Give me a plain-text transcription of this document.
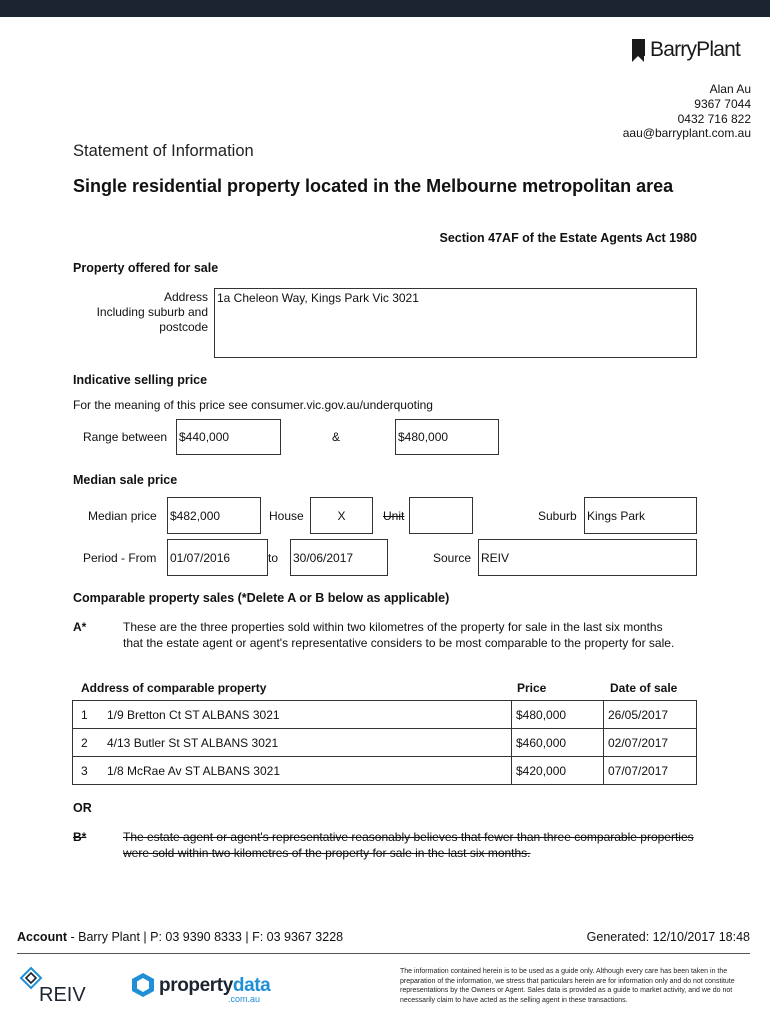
BarryPlant
Alan Au
9367 7044
0432 716 822
aau@barryplant.com.au
Statement of Information
Single residential property located in the Melbourne metropolitan area
Section 47AF of the Estate Agents Act 1980
Property offered for sale
Address
Including suburb and
postcode
1a Cheleon Way, Kings Park Vic 3021
Indicative selling price
For the meaning of this price see consumer.vic.gov.au/underquoting
Range between $440,000	&	$480,000
Median sale price
Median price $482,000	House	X	Unit	Suburb Kings Park
Period - From 01/07/2016	to 30/06/2017	Source REIV
Comparable property sales (*Delete A or B below as applicable)
A*	These are the three properties sold within two kilometres of the property for sale in the last six months that the estate agent or agent's representative considers to be most comparable to the property for sale.
Address of comparable property	Price	Date of sale
1 1/9 Bretton Ct ST ALBANS 3021	$480,000	26/05/2017
2 4/13 Butler St ST ALBANS 3021	$460,000	02/07/2017
3 1/8 McRae Av ST ALBANS 3021	$420,000	07/07/2017
OR
B*	The estate agent or agent's representative reasonably believes that fewer than three comparable properties were sold within two kilometres of the property for sale in the last six months.
Account - Barry Plant | P: 03 9390 8333 | F: 03 9367 3228	Generated: 12/10/2017 18:48
REIV	propertydata
.com.au
The information contained herein is to be used as a guide only. Although every care has been taken in the preparation of the information, we stress that particulars herein are for information only and do not constitute representations by the Owners or Agent. Sales data is provided as a guide to market activity, and we do not necessarily claim to have acted as the selling agent in these transactions.
